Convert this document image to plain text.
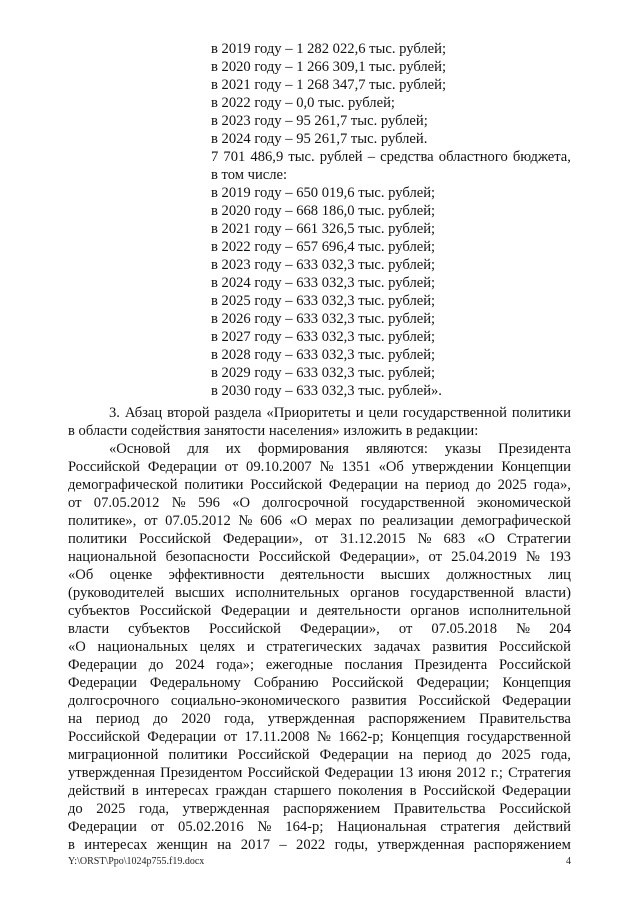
в 2019 году – 1 282 022,6 тыс. рублей;
в 2020 году – 1 266 309,1 тыс. рублей;
в 2021 году – 1 268 347,7 тыс. рублей;
в 2022 году – 0,0 тыс. рублей;
в 2023 году – 95 261,7 тыс. рублей;
в 2024 году – 95 261,7 тыс. рублей.
7 701 486,9 тыс. рублей – средства областного бюджета,
в том числе:
в 2019 году – 650 019,6 тыс. рублей;
в 2020 году – 668 186,0 тыс. рублей;
в 2021 году – 661 326,5 тыс. рублей;
в 2022 году – 657 696,4 тыс. рублей;
в 2023 году – 633 032,3 тыс. рублей;
в 2024 году – 633 032,3 тыс. рублей;
в 2025 году – 633 032,3 тыс. рублей;
в 2026 году – 633 032,3 тыс. рублей;
в 2027 году – 633 032,3 тыс. рублей;
в 2028 году – 633 032,3 тыс. рублей;
в 2029 году – 633 032,3 тыс. рублей;
в 2030 году – 633 032,3 тыс. рублей».
3. Абзац второй раздела «Приоритеты и цели государственной политики
в области содействия занятости населения» изложить в редакции:
«Основой для их формирования являются: указы Президента
Российской Федерации от 09.10.2007 № 1351 «Об утверждении Концепции
демографической политики Российской Федерации на период до 2025 года»,
от 07.05.2012 № 596 «О долгосрочной государственной экономической
политике», от 07.05.2012 № 606 «О мерах по реализации демографической
политики Российской Федерации», от 31.12.2015 № 683 «О Стратегии
национальной безопасности Российской Федерации», от 25.04.2019 № 193
«Об оценке эффективности деятельности высших должностных лиц
(руководителей высших исполнительных органов государственной власти)
субъектов Российской Федерации и деятельности органов исполнительной
власти субъектов Российской Федерации», от 07.05.2018 № 204
«О национальных целях и стратегических задачах развития Российской
Федерации до 2024 года»; ежегодные послания Президента Российской
Федерации Федеральному Собранию Российской Федерации; Концепция
долгосрочного социально-экономического развития Российской Федерации
на период до 2020 года, утвержденная распоряжением Правительства
Российской Федерации от 17.11.2008 № 1662-р; Концепция государственной
миграционной политики Российской Федерации на период до 2025 года,
утвержденная Президентом Российской Федерации 13 июня 2012 г.; Стратегия
действий в интересах граждан старшего поколения в Российской Федерации
до 2025 года, утвержденная распоряжением Правительства Российской
Федерации от 05.02.2016 № 164-р; Национальная стратегия действий
в интересах женщин на 2017 – 2022 годы, утвержденная распоряжением
Y:\ORST\Ppo\1024p755.f19.docx	4
